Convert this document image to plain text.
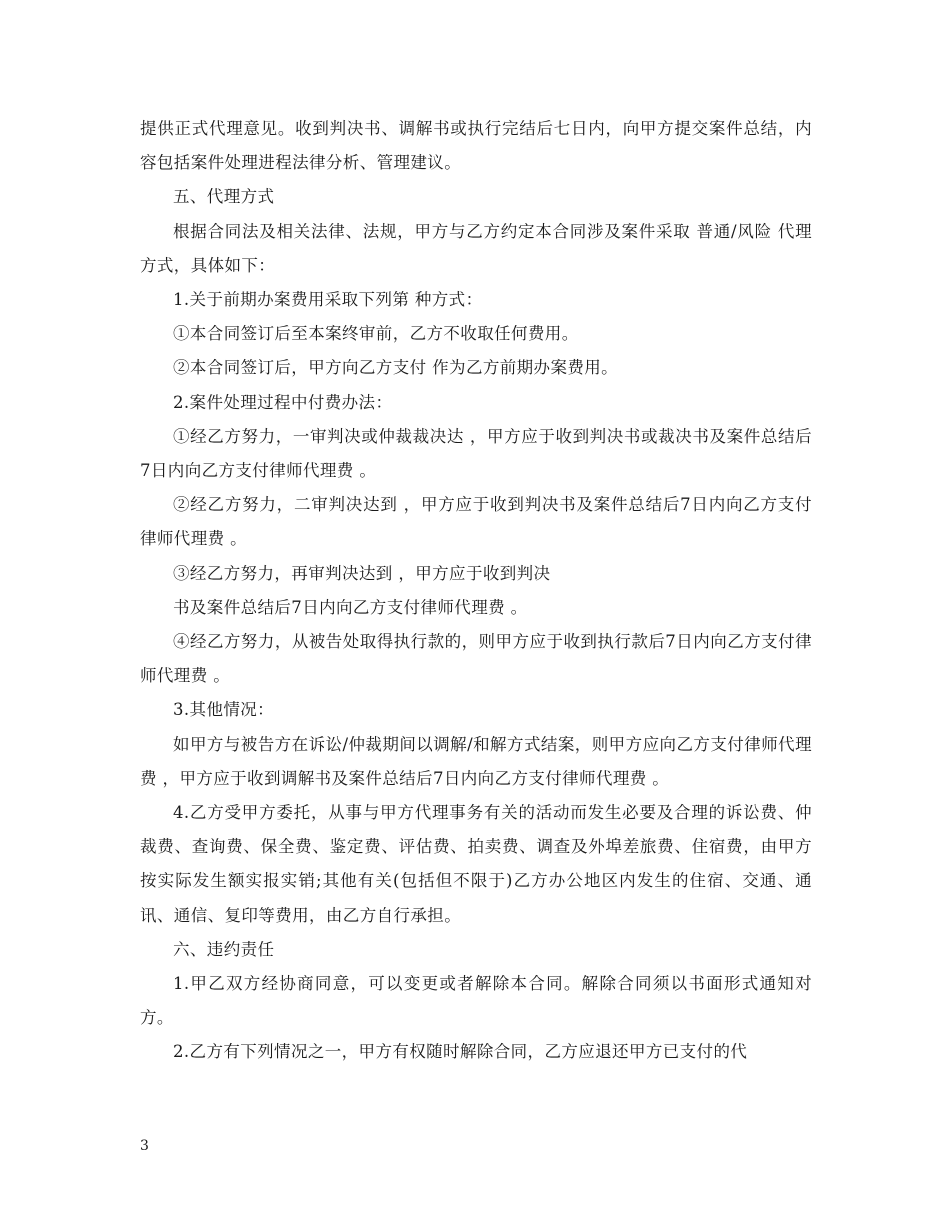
提供正式代理意见。收到判决书、调解书或执行完结后七日内，向甲方提交案件总结，内容包括案件处理进程法律分析、管理建议。

五、代理方式

根据合同法及相关法律、法规，甲方与乙方约定本合同涉及案件采取 普通/风险 代理方式，具体如下：

1.关于前期办案费用采取下列第 种方式：

①本合同签订后至本案终审前，乙方不收取任何费用。

②本合同签订后，甲方向乙方支付 作为乙方前期办案费用。

2.案件处理过程中付费办法：

①经乙方努力，一审判决或仲裁裁决达 ，甲方应于收到判决书或裁决书及案件总结后7日内向乙方支付律师代理费 。

②经乙方努力，二审判决达到 ，甲方应于收到判决书及案件总结后7日内向乙方支付律师代理费 。

③经乙方努力，再审判决达到 ，甲方应于收到判决

书及案件总结后7日内向乙方支付律师代理费 。

④经乙方努力，从被告处取得执行款的，则甲方应于收到执行款后7日内向乙方支付律师代理费 。

3.其他情况：

如甲方与被告方在诉讼/仲裁期间以调解/和解方式结案，则甲方应向乙方支付律师代理费 ，甲方应于收到调解书及案件总结后7日内向乙方支付律师代理费 。

4.乙方受甲方委托，从事与甲方代理事务有关的活动而发生必要及合理的诉讼费、仲裁费、查询费、保全费、鉴定费、评估费、拍卖费、调查及外埠差旅费、住宿费，由甲方按实际发生额实报实销;其他有关(包括但不限于)乙方办公地区内发生的住宿、交通、通讯、通信、复印等费用，由乙方自行承担。

六、违约责任

1.甲乙双方经协商同意，可以变更或者解除本合同。解除合同须以书面形式通知对方。

2.乙方有下列情况之一，甲方有权随时解除合同，乙方应退还甲方已支付的代

3
